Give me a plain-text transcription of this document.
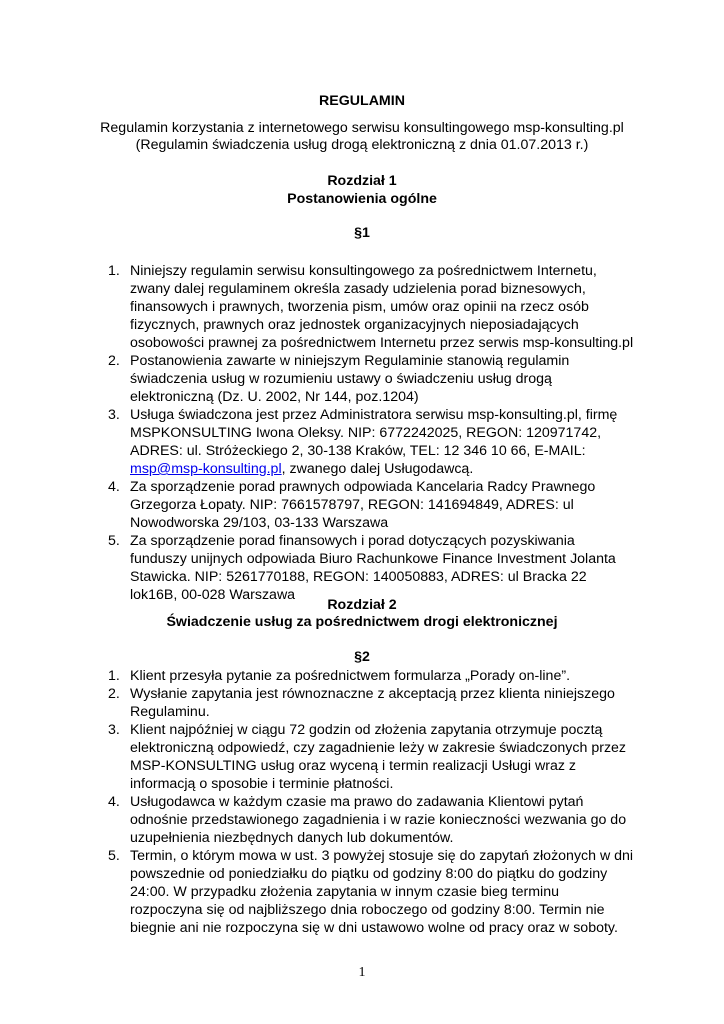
REGULAMIN
Regulamin korzystania z internetowego serwisu konsultingowego msp-konsulting.pl
(Regulamin świadczenia usług drogą elektroniczną z dnia 01.07.2013 r.)
Rozdział 1
Postanowienia ogólne
§1
1. Niniejszy regulamin serwisu konsultingowego za pośrednictwem Internetu, zwany dalej regulaminem określa zasady udzielenia porad biznesowych, finansowych i prawnych, tworzenia pism, umów oraz opinii na rzecz osób fizycznych, prawnych oraz jednostek organizacyjnych nieposiadających osobowości prawnej za pośrednictwem Internetu przez serwis msp-konsulting.pl
2. Postanowienia zawarte w niniejszym Regulaminie stanowią regulamin świadczenia usług w rozumieniu ustawy o świadczeniu usług drogą elektroniczną (Dz. U. 2002, Nr 144, poz.1204)
3. Usługa świadczona jest przez Administratora serwisu msp-konsulting.pl, firmę MSPKONSULTING Iwona Oleksy. NIP: 6772242025, REGON: 120971742, ADRES: ul. Stróżeckiego 2, 30-138 Kraków, TEL: 12 346 10 66, E-MAIL: msp@msp-konsulting.pl, zwanego dalej Usługodawcą.
4. Za sporządzenie porad prawnych odpowiada Kancelaria Radcy Prawnego Grzegorza Łopaty. NIP: 7661578797, REGON: 141694849, ADRES: ul Nowodworska 29/103, 03-133 Warszawa
5. Za sporządzenie porad finansowych i porad dotyczących pozyskiwania funduszy unijnych odpowiada Biuro Rachunkowe Finance Investment Jolanta Stawicka. NIP: 5261770188, REGON: 140050883, ADRES: ul Bracka 22 lok16B, 00-028 Warszawa
Rozdział 2
Świadczenie usług za pośrednictwem drogi elektronicznej
§2
1. Klient przesyła pytanie za pośrednictwem formularza „Porady on-line”.
2. Wysłanie zapytania jest równoznaczne z akceptacją przez klienta niniejszego Regulaminu.
3. Klient najpóźniej w ciągu 72 godzin od złożenia zapytania otrzymuje pocztą elektroniczną odpowiedź, czy zagadnienie leży w zakresie świadczonych przez MSP-KONSULTING usług oraz wyceną i termin realizacji Usługi wraz z informacją o sposobie i terminie płatności.
4. Usługodawca w każdym czasie ma prawo do zadawania Klientowi pytań odnośnie przedstawionego zagadnienia i w razie konieczności wezwania go do uzupełnienia niezbędnych danych lub dokumentów.
5. Termin, o którym mowa w ust. 3 powyżej stosuje się do zapytań złożonych w dni powszednie od poniedziałku do piątku od godziny 8:00 do piątku do godziny 24:00. W przypadku złożenia zapytania w innym czasie bieg terminu rozpoczyna się od najbliższego dnia roboczego od godziny 8:00. Termin nie biegnie ani nie rozpoczyna się w dni ustawowo wolne od pracy oraz w soboty.
1
